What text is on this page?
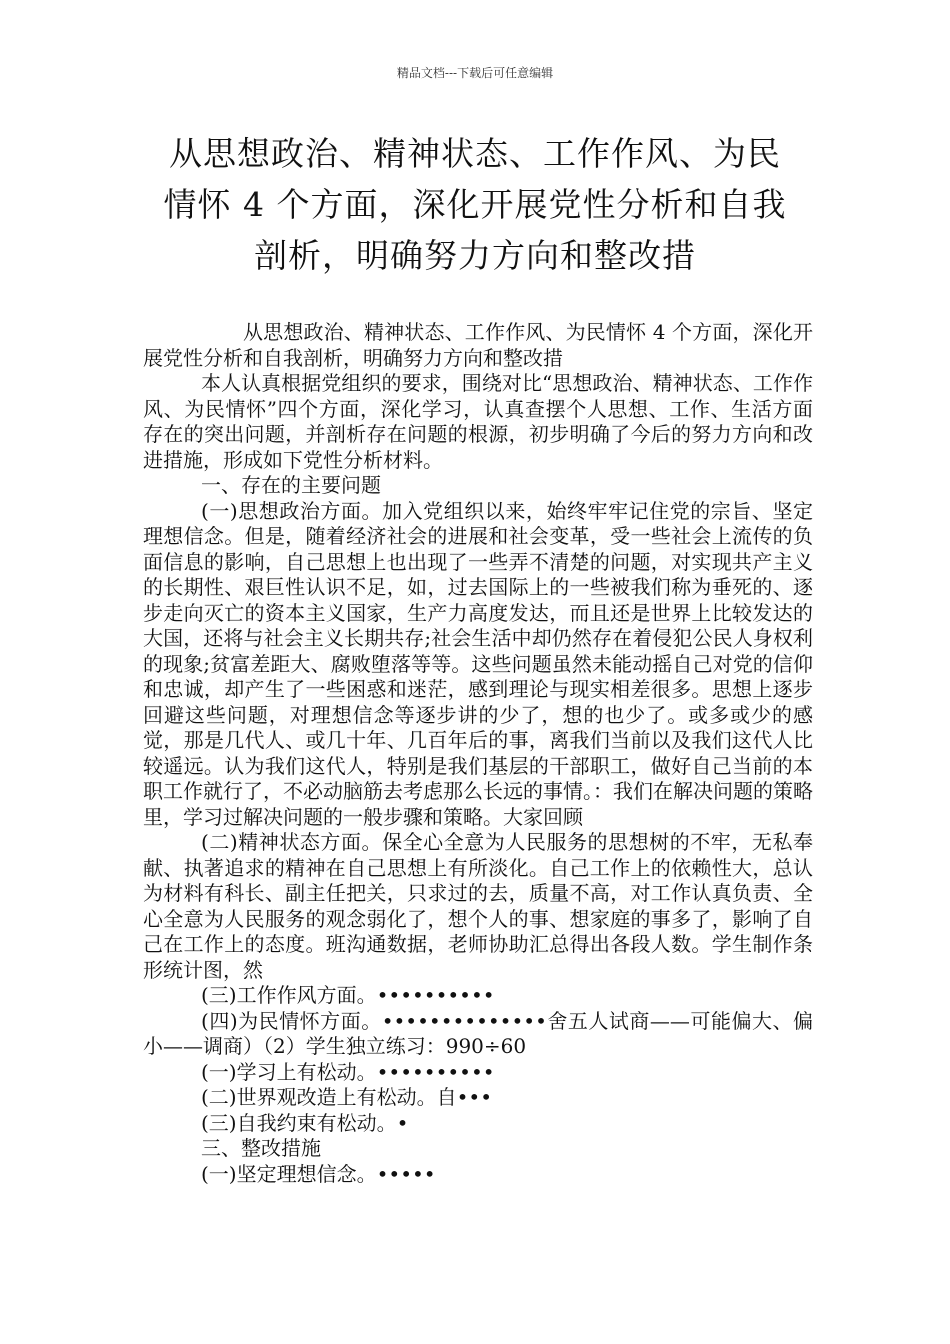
精品文档---下载后可任意编辑
从思想政治、精神状态、工作作风、为民
情怀 4 个方面，深化开展党性分析和自我
剖析，明确努力方向和整改措

从思想政治、精神状态、工作作风、为民情怀 4 个方面，深化开展党性分析和自我剖析，明确努力方向和整改措

本人认真根据党组织的要求，围绕对比“思想政治、精神状态、工作作风、为民情怀”四个方面，深化学习，认真查摆个人思想、工作、生活方面存在的突出问题，并剖析存在问题的根源，初步明确了今后的努力方向和改进措施，形成如下党性分析材料。

一、存在的主要问题

(一)思想政治方面。加入党组织以来，始终牢牢记住党的宗旨、坚定理想信念。但是，随着经济社会的进展和社会变革，受一些社会上流传的负面信息的影响，自己思想上也出现了一些弄不清楚的问题，对实现共产主义的长期性、艰巨性认识不足，如，过去国际上的一些被我们称为垂死的、逐步走向灭亡的资本主义国家，生产力高度发达，而且还是世界上比较发达的大国，还将与社会主义长期共存;社会生活中却仍然存在着侵犯公民人身权利的现象;贫富差距大、腐败堕落等等。这些问题虽然未能动摇自己对党的信仰和忠诚，却产生了一些困惑和迷茫，感到理论与现实相差很多。思想上逐步回避这些问题，对理想信念等逐步讲的少了，想的也少了。或多或少的感觉，那是几代人、或几十年、几百年后的事，离我们当前以及我们这代人比较遥远。认为我们这代人，特别是我们基层的干部职工，做好自己当前的本职工作就行了，不必动脑筋去考虑那么长远的事情。：我们在解决问题的策略里，学习过解决问题的一般步骤和策略。大家回顾

(二)精神状态方面。保全心全意为人民服务的思想树的不牢，无私奉献、执著追求的精神在自己思想上有所淡化。自己工作上的依赖性大，总认为材料有科长、副主任把关，只求过的去，质量不高，对工作认真负责、全心全意为人民服务的观念弱化了，想个人的事、想家庭的事多了，影响了自己在工作上的态度。班沟通数据，老师协助汇总得出各段人数。学生制作条形统计图，然

(三)工作作风方面。••••••••••

(四)为民情怀方面。••••••••••••••舍五人试商——可能偏大、偏小——调商）（2）学生独立练习：990÷60

(一)学习上有松动。••••••••••

(二)世界观改造上有松动。自•••

(三)自我约束有松动。•

三、整改措施

(一)坚定理想信念。•••••
